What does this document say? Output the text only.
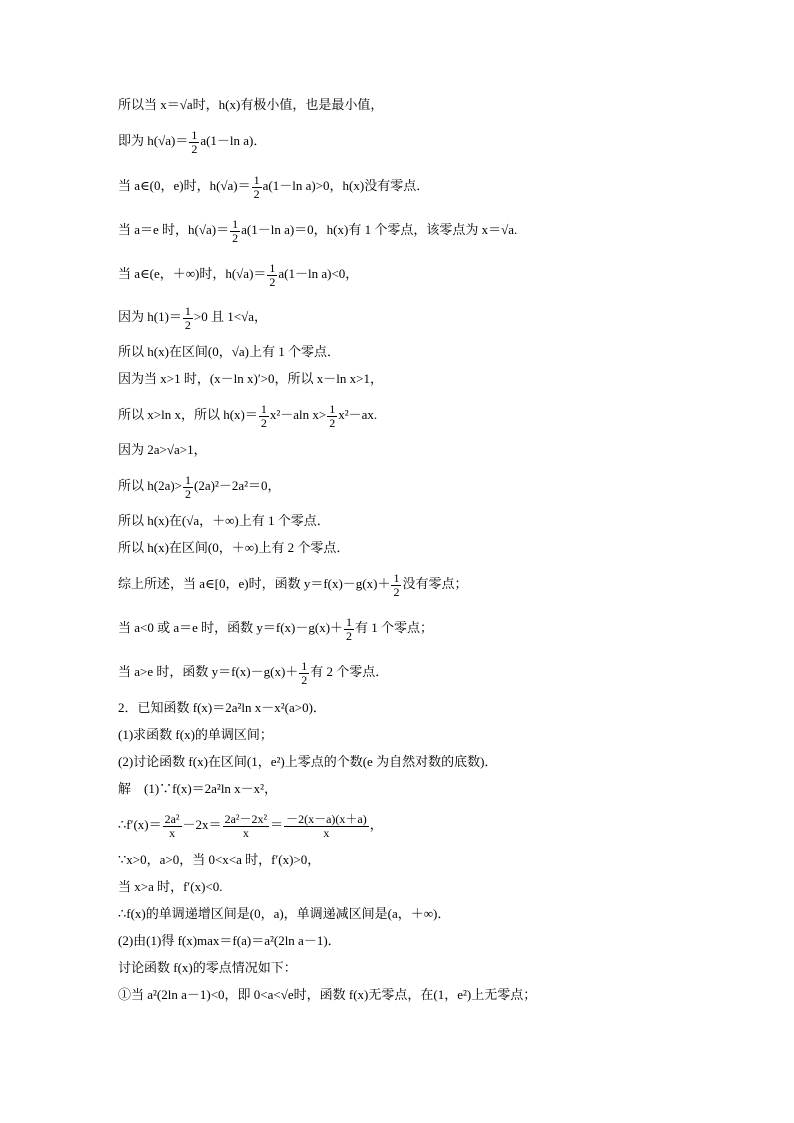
所以当 x＝√a时，h(x)有极小值，也是最小值，
即为 $h(√a)= \frac{1}{2} a(1-\ln$ a)．
当 a∈(0，e)时，$h(√a)= \frac{1}{2} a(1-\ln$ a)>0，h(x)没有零点．
当 a＝e 时，$h(√a)= \frac{1}{2} a(1-\ln$ a)＝0，h(x)有 1 个零点，该零点为 x＝√a.
当 a∈(e，＋∞)时，$h(√a)= \frac{1}{2} a(1-\ln$ a)<0，
因为 $h(1)= \frac{1}{2} >0$ 且 1<√a，
所以 h(x)在区间(0，√a)上有 1 个零点．
因为当 x>1 时，(x－ln x)′>0，所以 x－ln x>1，
所以 x>ln x，所以 $h(x)= \frac{1}{2} x^2-aln$ $x> \frac{1}{2} x^2-ax$.
因为 2a>√a>1，
所以 $h(2a)> \frac{1}{2} (2a)^2-2a^2=0$，
所以 h(x)在(√a，＋∞)上有 1 个零点．
所以 h(x)在区间(0，＋∞)上有 2 个零点．
综上所述，当 a∈[0，e)时，函数 $y=f(x)-g(x)+ \frac{1}{2}$ 没有零点；
当 a<0 或 a＝e 时，函数 $y=f(x)-g(x)+ \frac{1}{2}$ 有 1 个零点；
当 a>e 时，函数 $y=f(x)-g(x)+ \frac{1}{2}$ 有 2 个零点．
2．已知函数 f(x)＝2a²ln x－x²(a>0)．
(1)求函数 f(x)的单调区间；
(2)讨论函数 f(x)在区间(1，e²)上零点的个数(e 为自然对数的底数)．
解　(1)∵f(x)＝2a²ln x－x²，
∴f′(x)＝ $\frac{\text{2a²}}{x} -2x= \frac{\text{2a²－2x²}}{x} = \frac{-2(x-a)(x+a)}{x}$ ，
∵x>0，a>0，当 0<x<a 时，f′(x)>0，
当 x>a 时，f′(x)<0.
∴f(x)的单调递增区间是(0，a)，单调递减区间是(a，＋∞)．
(2)由(1)得 f(x)max＝f(a)＝a²(2ln a－1)．
讨论函数 f(x)的零点情况如下：
①当 a²(2ln a－1)<0，即 0<a<√e时，函数 f(x)无零点，在(1，e²)上无零点；
